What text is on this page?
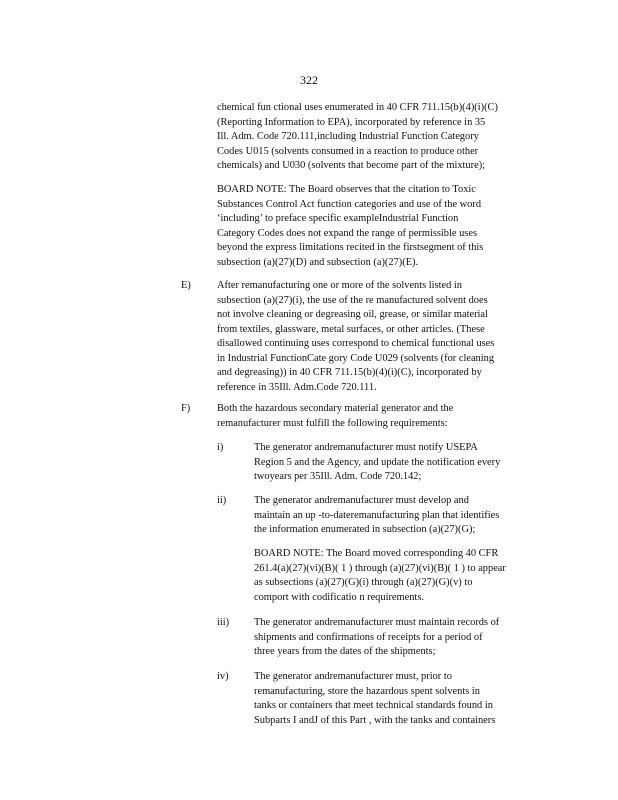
322
chemical fun ctional uses enumerated in 40 CFR 711.15(b)(4)(i)(C)
(Reporting Information to EPA), incorporated by reference in 35
Ill. Adm. Code 720.111,including Industrial Function Category
Codes U015 (solvents consumed in a reaction to produce other
chemicals) and U030 (solvents that become part of the mixture);
BOARD NOTE: The Board observes that the citation to Toxic
Substances Control Act function categories and use of the word
‘including’ to preface specific exampleIndustrial Function
Category Codes does not expand the range of permissible uses
beyond the express limitations recited in the firstsegment of this
subsection (a)(27)(D) and subsection (a)(27)(E).
E)	After remanufacturing one or more of the solvents listed in
subsection (a)(27)(i), the use of the re manufactured solvent does
not involve cleaning or degreasing oil, grease, or similar material
from textiles, glassware, metal surfaces, or other articles. (These
disallowed continuing uses correspond to chemical functional uses
in Industrial FunctionCate gory Code U029 (solvents (for cleaning
and degreasing)) in 40 CFR 711.15(b)(4)(i)(C), incorporated by
reference in 35Ill. Adm.Code 720.111.
F)	Both the hazardous secondary material generator and the
remanufacturer must fulfill the following requirements:
i)	The generator andremanufacturer must notify USEPA
Region 5 and the Agency, and update the notification every
twoyears per 35Ill. Adm. Code 720.142;
ii)	The generator andremanufacturer must develop and
maintain an up -to-dateremanufacturing plan that identifies
the information enumerated in subsection (a)(27)(G);
BOARD NOTE: The Board moved corresponding 40 CFR
261.4(a)(27)(vi)(B)( 1 ) through (a)(27)(vi)(B)( 1 ) to appear
as subsections (a)(27)(G)(i) through (a)(27)(G)(v) to
comport with codificatio n requirements.
iii) The generator andremanufacturer must maintain records of
shipments and confirmations of receipts for a period of
three years from the dates of the shipments;
iv) The generator andremanufacturer must, prior to
remanufacturing, store the hazardous spent solvents in
tanks or containers that meet technical standards found in
Subparts I andJ of this Part , with the tanks and containers
